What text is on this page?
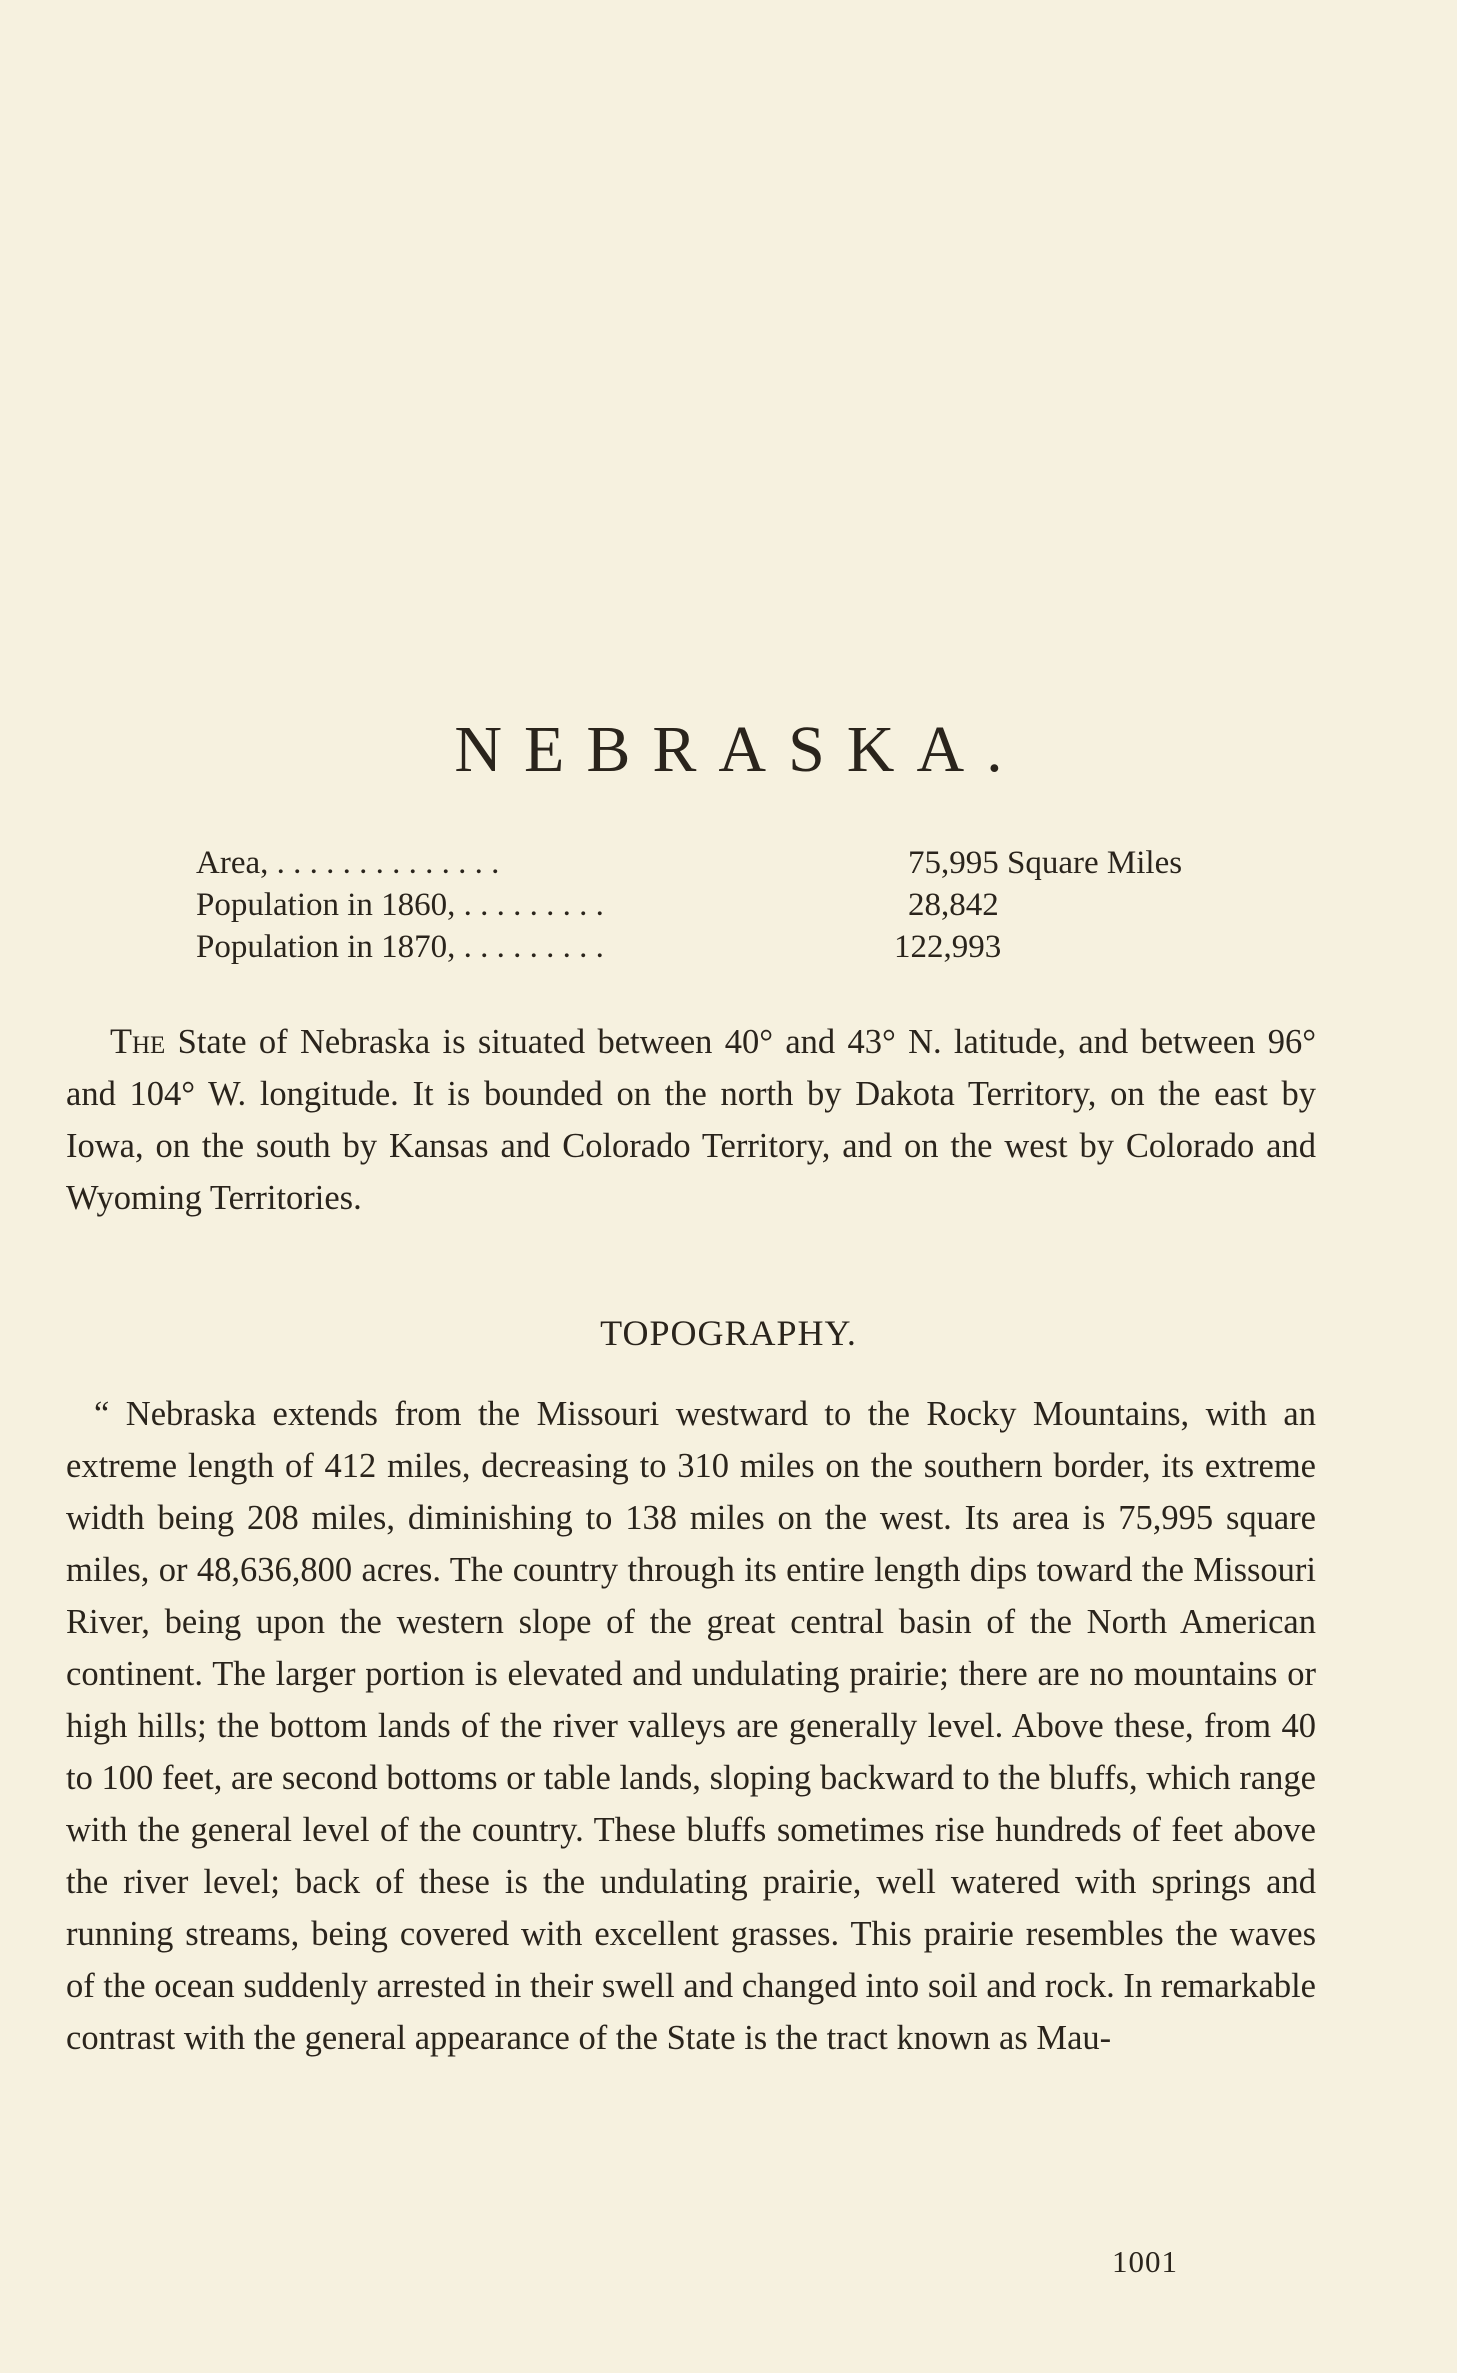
NEBRASKA.
Area, . . . . . . . . . . . . . .	75,995 Square Miles
Population in 1860, . . . . . . . . .	28,842
Population in 1870, . . . . . . . . .	122,993

The State of Nebraska is situated between 40° and 43° N. latitude, and between 96° and 104° W. longitude. It is bounded on the north by Dakota Territory, on the east by Iowa, on the south by Kansas and Colorado Territory, and on the west by Colorado and Wyoming Territories.

TOPOGRAPHY.

“ Nebraska extends from the Missouri westward to the Rocky Mountains, with an extreme length of 412 miles, decreasing to 310 miles on the southern border, its extreme width being 208 miles, diminishing to 138 miles on the west. Its area is 75,995 square miles, or 48,636,800 acres. The country through its entire length dips toward the Missouri River, being upon the western slope of the great central basin of the North American continent. The larger portion is elevated and undulating prairie; there are no mountains or high hills; the bottom lands of the river valleys are generally level. Above these, from 40 to 100 feet, are second bottoms or table lands, sloping backward to the bluffs, which range with the general level of the country. These bluffs sometimes rise hundreds of feet above the river level; back of these is the undulating prairie, well watered with springs and running streams, being covered with excellent grasses. This prairie resembles the waves of the ocean suddenly arrested in their swell and changed into soil and rock. In remarkable contrast with the general appearance of the State is the tract known as Mau-

1001
